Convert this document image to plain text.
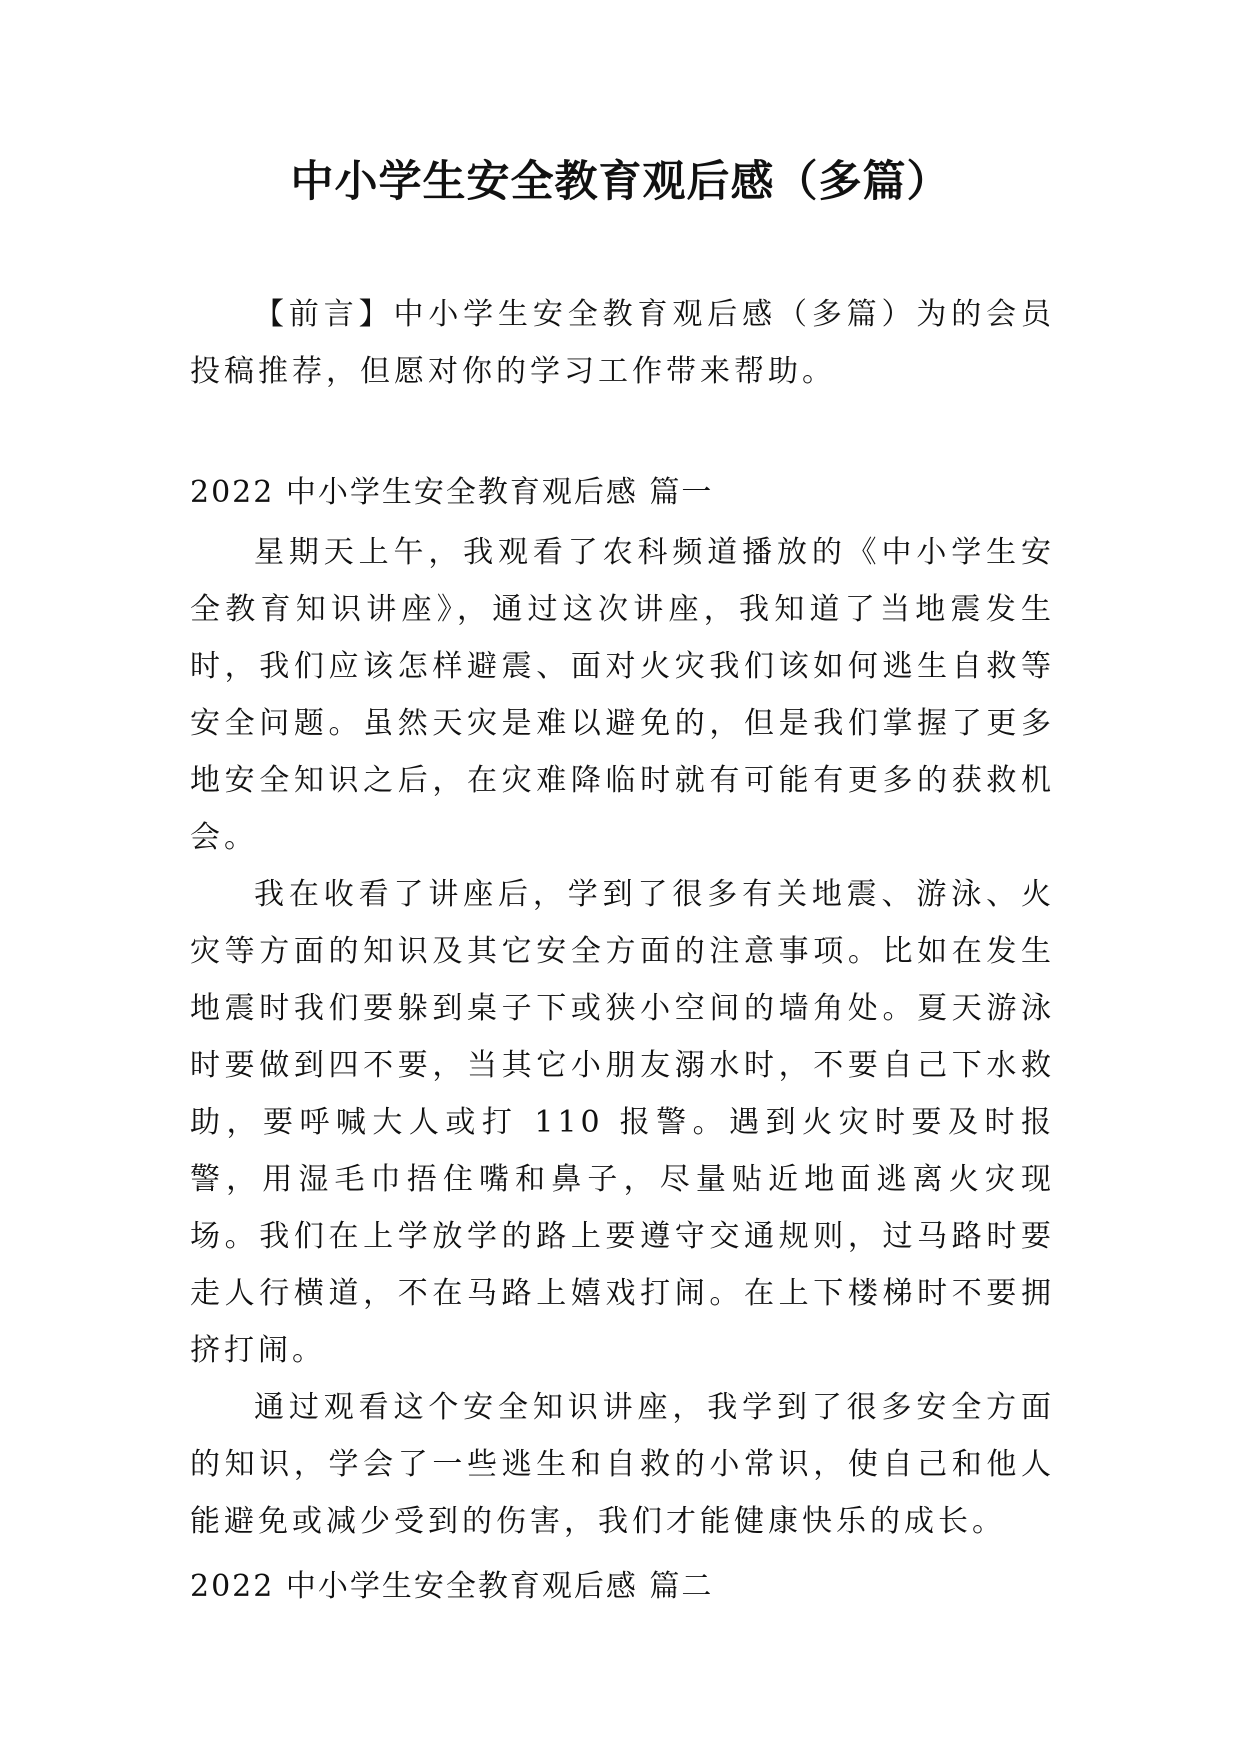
中小学生安全教育观后感（多篇）

【前言】中小学生安全教育观后感（多篇）为的会员投稿推荐，但愿对你的学习工作带来帮助。

2022 中小学生安全教育观后感 篇一

星期天上午，我观看了农科频道播放的《中小学生安全教育知识讲座》，通过这次讲座，我知道了当地震发生时，我们应该怎样避震、面对火灾我们该如何逃生自救等安全问题。虽然天灾是难以避免的，但是我们掌握了更多地安全知识之后，在灾难降临时就有可能有更多的获救机会。

我在收看了讲座后，学到了很多有关地震、游泳、火灾等方面的知识及其它安全方面的注意事项。比如在发生地震时我们要躲到桌子下或狭小空间的墙角处。夏天游泳时要做到四不要，当其它小朋友溺水时，不要自己下水救助，要呼喊大人或打 110 报警。遇到火灾时要及时报警，用湿毛巾捂住嘴和鼻子，尽量贴近地面逃离火灾现场。我们在上学放学的路上要遵守交通规则，过马路时要走人行横道，不在马路上嬉戏打闹。在上下楼梯时不要拥挤打闹。

通过观看这个安全知识讲座，我学到了很多安全方面的知识，学会了一些逃生和自救的小常识，使自己和他人能避免或减少受到的伤害，我们才能健康快乐的成长。

2022 中小学生安全教育观后感 篇二
